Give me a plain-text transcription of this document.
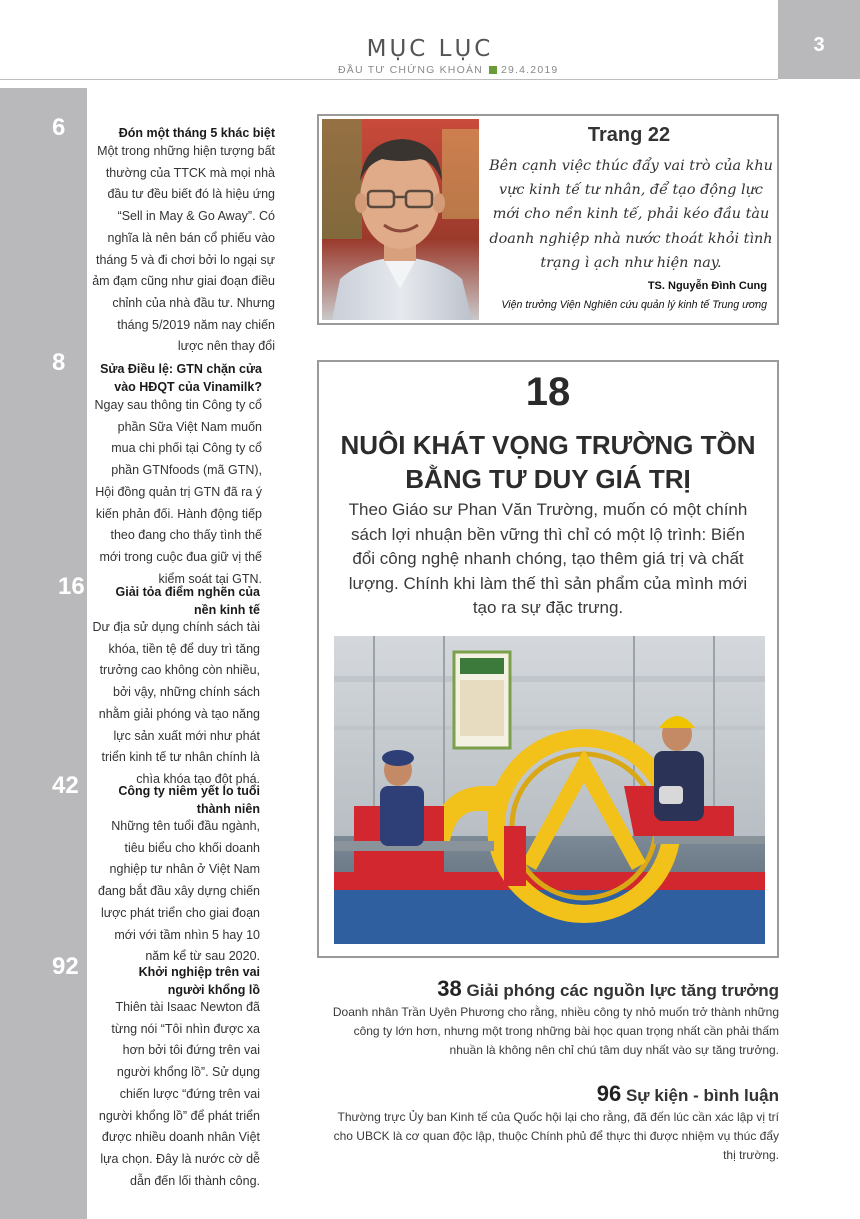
MỤC LỤC
ĐẦU TƯ CHỨNG KHOÁN 29.4.2019
3
6	Đón một tháng 5 khác biệt
Một trong những hiện tượng bất thường của TTCK mà mọi nhà đầu tư đều biết đó là hiệu ứng “Sell in May & Go Away”. Có nghĩa là nên bán cổ phiếu vào tháng 5 và đi chơi bởi lo ngại sự ảm đạm cũng như giai đoạn điều chỉnh của nhà đầu tư. Nhưng tháng 5/2019 năm nay chiến lược nên thay đổi
8	Sửa Điều lệ: GTN chặn cửa vào HĐQT của Vinamilk?
Ngay sau thông tin Công ty cổ phần Sữa Việt Nam muốn mua chi phối tại Công ty cổ phần GTNfoods (mã GTN), Hội đồng quản trị GTN đã ra ý kiến phản đối. Hành động tiếp theo đang cho thấy tình thế mới trong cuộc đua giữ vị thế kiểm soát tại GTN.
16	Giải tỏa điểm nghẽn của nền kinh tế
Dư địa sử dụng chính sách tài khóa, tiền tệ để duy trì tăng trưởng cao không còn nhiều, bởi vậy, những chính sách nhằm giải phóng và tạo năng lực sản xuất mới như phát triển kinh tế tư nhân chính là chìa khóa tạo đột phá.
42	Công ty niêm yết lo tuổi thành niên
Những tên tuổi đầu ngành, tiêu biểu cho khối doanh nghiệp tư nhân ở Việt Nam đang bắt đầu xây dựng chiến lược phát triển cho giai đoạn mới với tầm nhìn 5 hay 10 năm kể từ sau 2020.
92	Khởi nghiệp trên vai người khổng lồ
Thiên tài Isaac Newton đã từng nói “Tôi nhìn được xa hơn bởi tôi đứng trên vai người khổng lồ”. Sử dụng chiến lược “đứng trên vai người khổng lồ” để phát triển được nhiều doanh nhân Việt lựa chọn. Đây là nước cờ dễ dẫn đến lối thành công.
Trang 22
Bên cạnh việc thúc đẩy vai trò của khu vực kinh tế tư nhân, để tạo động lực mới cho nền kinh tế, phải kéo đầu tàu doanh nghiệp nhà nước thoát khỏi tình trạng ì ạch như hiện nay.
TS. Nguyễn Đình Cung
Viện trưởng Viện Nghiên cứu quản lý kinh tế Trung ương
18
NUÔI KHÁT VỌNG TRƯỜNG TỒN
BẰNG TƯ DUY GIÁ TRỊ
Theo Giáo sư Phan Văn Trường, muốn có một chính sách lợi nhuận bền vững thì chỉ có một lộ trình: Biến đổi công nghệ nhanh chóng, tạo thêm giá trị và chất lượng. Chính khi làm thế thì sản phẩm của mình mới tạo ra sự đặc trưng.
38 Giải phóng các nguồn lực tăng trưởng
Doanh nhân Trần Uyên Phương cho rằng, nhiều công ty nhỏ muốn trở thành những công ty lớn hơn, nhưng một trong những bài học quan trọng nhất cần phải thấm nhuần là không nên chỉ chú tâm duy nhất vào sự tăng trưởng.
96 Sự kiện - bình luận
Thường trực Ủy ban Kinh tế của Quốc hội lại cho rằng, đã đến lúc cần xác lập vị trí cho UBCK là cơ quan độc lập, thuộc Chính phủ để thực thi được nhiệm vụ thúc đẩy thị trường.
